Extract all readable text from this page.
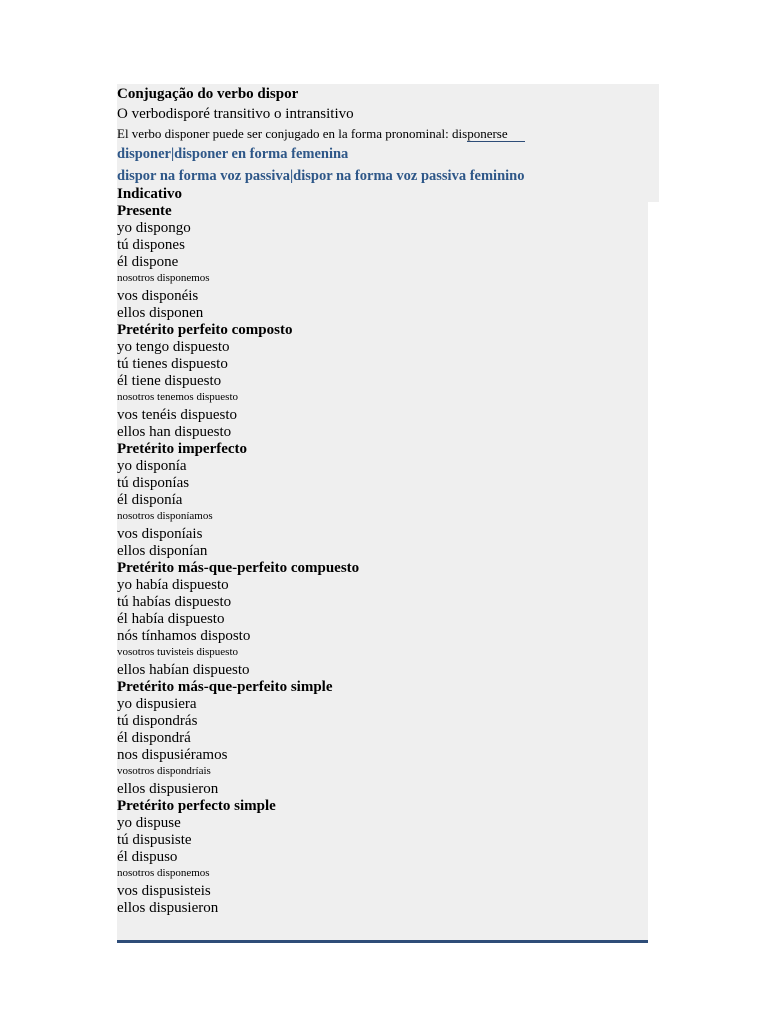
Conjugação do verbo dispor
O verbodisporé transitivo o intransitivo
El verbo disponer puede ser conjugado en la forma pronominal: disponerse
disponer|disponer en forma femenina
dispor na forma voz passiva|dispor na forma voz passiva feminino
Indicativo
Presente
yo dispongo
tú dispones
él dispone
nosotros disponemos
vos disponéis
ellos disponen
Pretérito perfeito composto
yo tengo dispuesto
tú tienes dispuesto
él tiene dispuesto
nosotros tenemos dispuesto
vos tenéis dispuesto
ellos han dispuesto
Pretérito imperfecto
yo disponía
tú disponías
él disponía
nosotros disponíamos
vos disponíais
ellos disponían
Pretérito más-que-perfeito compuesto
yo había dispuesto
tú habías dispuesto
él había dispuesto
nós tínhamos disposto
vosotros tuvisteis dispuesto
ellos habían dispuesto
Pretérito más-que-perfeito simple
yo dispusiera
tú dispondrás
él dispondrá
nos dispusiéramos
vosotros dispondríais
ellos dispusieron
Pretérito perfecto simple
yo dispuse
tú dispusiste
él dispuso
nosotros disponemos
vos dispusisteis
ellos dispusieron
